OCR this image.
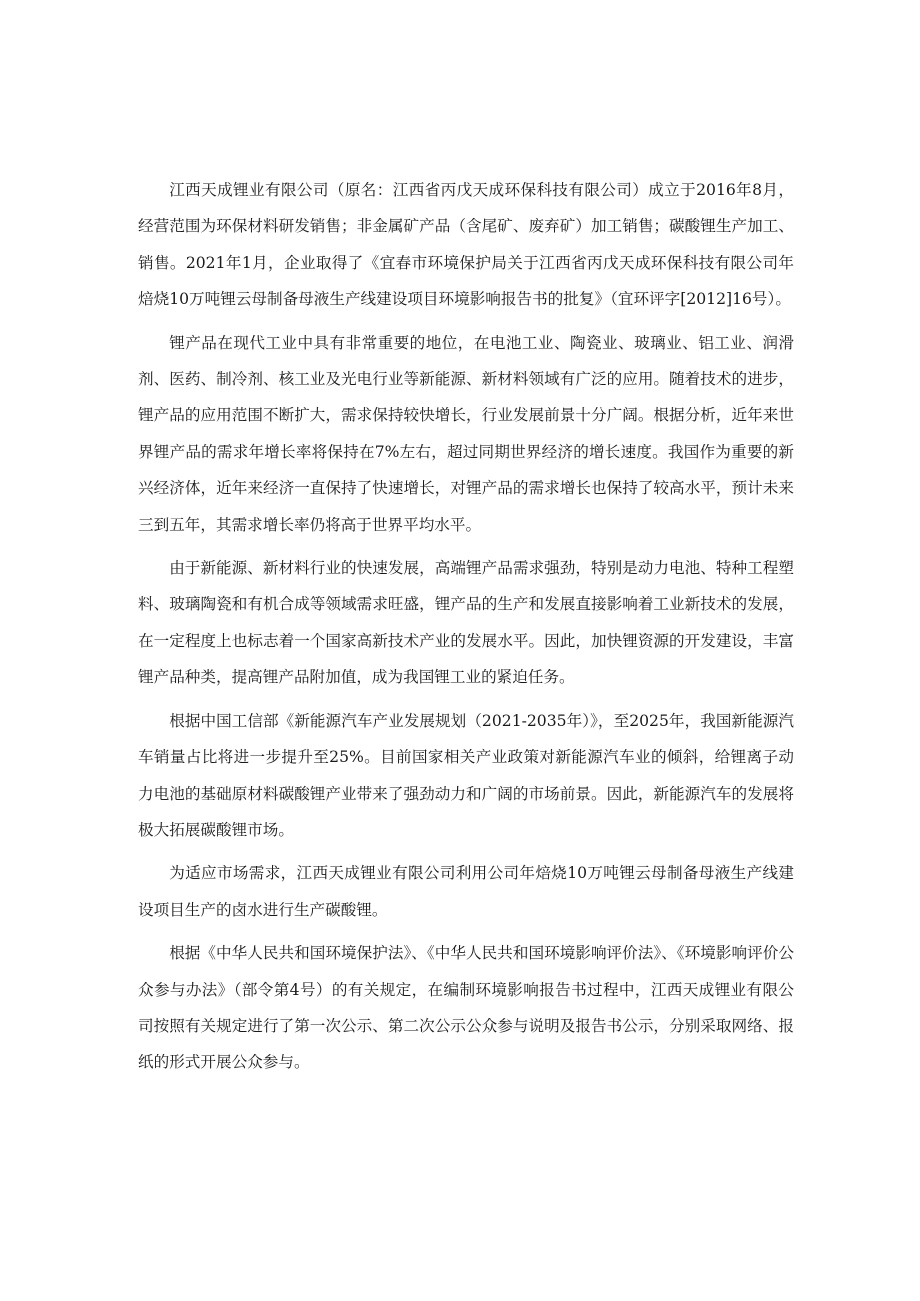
江西天成锂业有限公司（原名：江西省丙戊天成环保科技有限公司）成立于2016年8月，经营范围为环保材料研发销售；非金属矿产品（含尾矿、废弃矿）加工销售；碳酸锂生产加工、销售。2021年1月，企业取得了《宜春市环境保护局关于江西省丙戊天成环保科技有限公司年焙烧10万吨锂云母制备母液生产线建设项目环境影响报告书的批复》（宜环评字[2012]16号）。

锂产品在现代工业中具有非常重要的地位，在电池工业、陶瓷业、玻璃业、铝工业、润滑剂、医药、制冷剂、核工业及光电行业等新能源、新材料领域有广泛的应用。随着技术的进步，锂产品的应用范围不断扩大，需求保持较快增长，行业发展前景十分广阔。根据分析，近年来世界锂产品的需求年增长率将保持在7%左右，超过同期世界经济的增长速度。我国作为重要的新兴经济体，近年来经济一直保持了快速增长，对锂产品的需求增长也保持了较高水平，预计未来三到五年，其需求增长率仍将高于世界平均水平。

由于新能源、新材料行业的快速发展，高端锂产品需求强劲，特别是动力电池、特种工程塑料、玻璃陶瓷和有机合成等领域需求旺盛，锂产品的生产和发展直接影响着工业新技术的发展，在一定程度上也标志着一个国家高新技术产业的发展水平。因此，加快锂资源的开发建设，丰富锂产品种类，提高锂产品附加值，成为我国锂工业的紧迫任务。

根据中国工信部《新能源汽车产业发展规划（2021-2035年）》，至2025年，我国新能源汽车销量占比将进一步提升至25%。目前国家相关产业政策对新能源汽车业的倾斜，给锂离子动力电池的基础原材料碳酸锂产业带来了强劲动力和广阔的市场前景。因此，新能源汽车的发展将极大拓展碳酸锂市场。

为适应市场需求，江西天成锂业有限公司利用公司年焙烧10万吨锂云母制备母液生产线建设项目生产的卤水进行生产碳酸锂。

根据《中华人民共和国环境保护法》、《中华人民共和国环境影响评价法》、《环境影响评价公众参与办法》（部令第4号）的有关规定，在编制环境影响报告书过程中，江西天成锂业有限公司按照有关规定进行了第一次公示、第二次公示公众参与说明及报告书公示，分别采取网络、报纸的形式开展公众参与。
